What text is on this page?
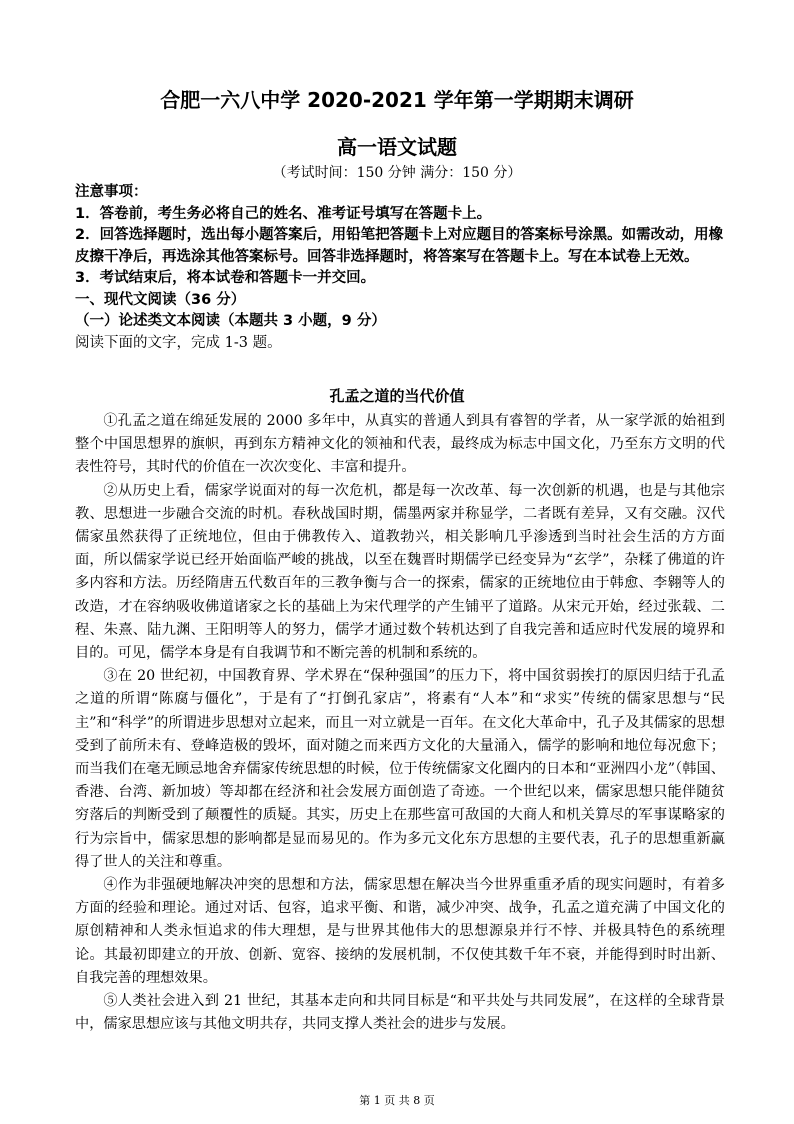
合肥一六八中学 2020-2021 学年第一学期期末调研
高一语文试题
（考试时间：150 分钟 满分：150 分）
注意事项：
1．答卷前，考生务必将自己的姓名、准考证号填写在答题卡上。
2．回答选择题时，选出每小题答案后，用铅笔把答题卡上对应题目的答案标号涂黑。如需改动，用橡皮擦干净后，再选涂其他答案标号。回答非选择题时，将答案写在答题卡上。写在本试卷上无效。
3．考试结束后，将本试卷和答题卡一并交回。
一、现代文阅读（36 分）
（一）论述类文本阅读（本题共 3 小题，9 分）
阅读下面的文字，完成 1-3 题。
孔孟之道的当代价值

①孔孟之道在绵延发展的 2000 多年中，从真实的普通人到具有睿智的学者，从一家学派的始祖到整个中国思想界的旗帜，再到东方精神文化的领袖和代表，最终成为标志中国文化，乃至东方文明的代表性符号，其时代的价值在一次次变化、丰富和提升。

②从历史上看，儒家学说面对的每一次危机，都是每一次改革、每一次创新的机遇，也是与其他宗教、思想进一步融合交流的时机。春秋战国时期，儒墨两家并称显学，二者既有差异，又有交融。汉代儒家虽然获得了正统地位，但由于佛教传入、道教勃兴，相关影响几乎渗透到当时社会生活的方方面面，所以儒家学说已经开始面临严峻的挑战，以至在魏晋时期儒学已经变异为“玄学”，杂糅了佛道的许多内容和方法。历经隋唐五代数百年的三教争衡与合一的探索，儒家的正统地位由于韩愈、李翱等人的改造，才在容纳吸收佛道诸家之长的基础上为宋代理学的产生铺平了道路。从宋元开始，经过张载、二程、朱熹、陆九渊、王阳明等人的努力，儒学才通过数个转机达到了自我完善和适应时代发展的境界和目的。可见，儒学本身是有自我调节和不断完善的机制和系统的。

③在 20 世纪初，中国教育界、学术界在“保种强国”的压力下，将中国贫弱挨打的原因归结于孔孟之道的所谓“陈腐与僵化”，于是有了“打倒孔家店”，将素有“人本”和“求实”传统的儒家思想与“民主”和“科学”的所谓进步思想对立起来，而且一对立就是一百年。在文化大革命中，孔子及其儒家的思想受到了前所未有、登峰造极的毁坏，面对随之而来西方文化的大量涌入，儒学的影响和地位每况愈下；而当我们在毫无顾忌地舍弃儒家传统思想的时候，位于传统儒家文化圈内的日本和“亚洲四小龙”（韩国、香港、台湾、新加坡）等却都在经济和社会发展方面创造了奇迹。一个世纪以来，儒家思想只能伴随贫穷落后的判断受到了颠覆性的质疑。其实，历史上在那些富可敌国的大商人和机关算尽的军事谋略家的行为宗旨中，儒家思想的影响都是显而易见的。作为多元文化东方思想的主要代表，孔子的思想重新赢得了世人的关注和尊重。

④作为非强硬地解决冲突的思想和方法，儒家思想在解决当今世界重重矛盾的现实问题时，有着多方面的经验和理论。通过对话、包容，追求平衡、和谐，减少冲突、战争，孔孟之道充满了中国文化的原创精神和人类永恒追求的伟大理想，是与世界其他伟大的思想源泉并行不悖、并极具特色的系统理论。其最初即建立的开放、创新、宽容、接纳的发展机制，不仅使其数千年不衰，并能得到时时出新、自我完善的理想效果。

⑤人类社会进入到 21 世纪，其基本走向和共同目标是“和平共处与共同发展”，在这样的全球背景中，儒家思想应该与其他文明共存，共同支撑人类社会的进步与发展。

第 1 页 共 8 页
